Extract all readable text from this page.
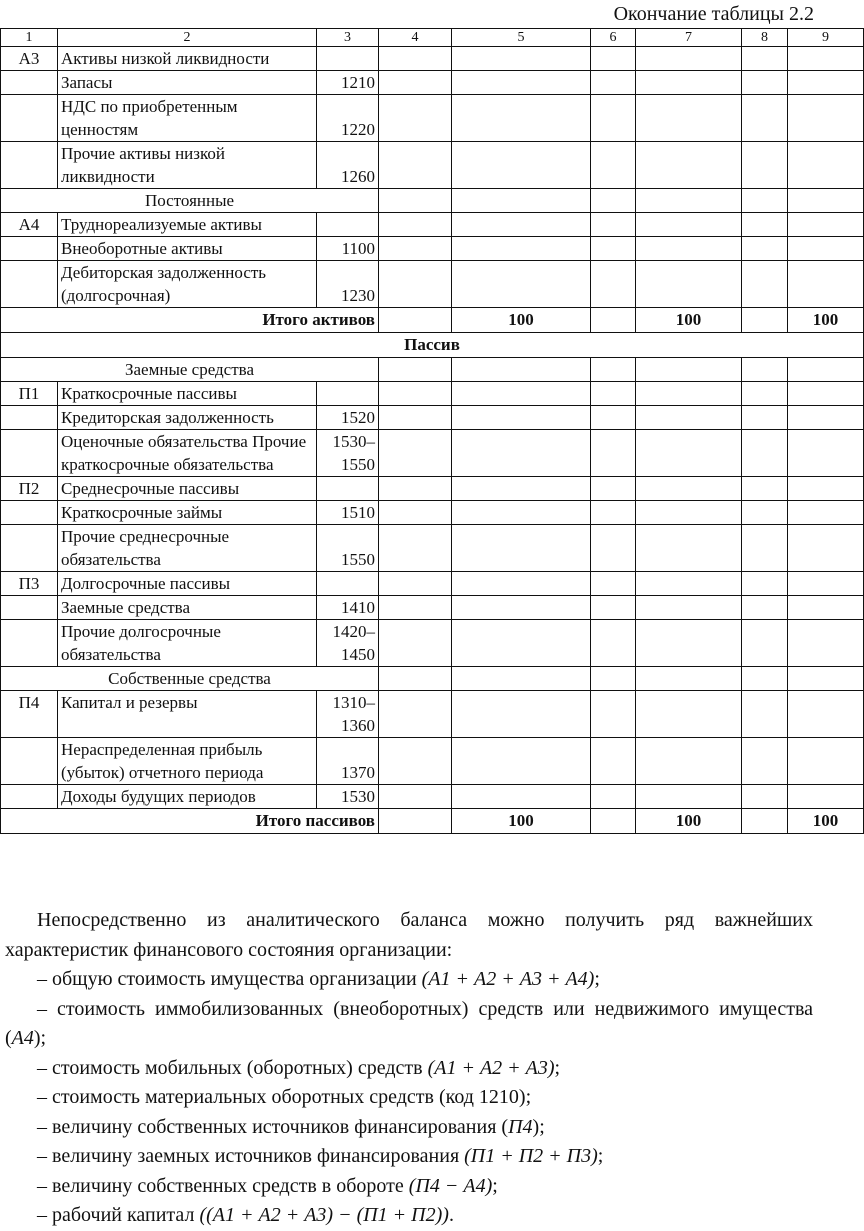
Окончание таблицы 2.2
1	2	3	4	5	6	7	8	9
А3	Активы низкой ликвидности							
	Запасы	1210						
	НДС по приобретенным ценностям	1220						
	Прочие активы низкой ликвидности	1260						
Постоянные								
А4	Труднореализуемые активы							
	Внеоборотные активы	1100						
	Дебиторская задолженность (долгосрочная)	1230						
Итого активов				100		100		100
Пассив								
Заемные средства								
П1	Краткосрочные пассивы							
	Кредиторская задолженность	1520						
	Оценочные обязательства Прочие краткосрочные обязательства	1530–1550						
П2	Среднесрочные пассивы							
	Краткосрочные займы	1510						
	Прочие среднесрочные обязательства	1550						
П3	Долгосрочные пассивы							
	Заемные средства	1410						
	Прочие долгосрочные обязательства	1420–1450						
Собственные средства								
П4	Капитал и резервы	1310–1360						
	Нераспределенная прибыль (убыток) отчетного периода	1370						
	Доходы будущих периодов	1530						
Итого пассивов				100		100		100

Непосредственно из аналитического баланса можно получить ряд важнейших характеристик финансового состояния организации:

– общую стоимость имущества организации (А1 + А2 + А3 + А4);

– стоимость иммобилизованных (внеоборотных) средств или недвижимого имущества (А4);

– стоимость мобильных (оборотных) средств (А1 + А2 + А3);

– стоимость материальных оборотных средств (код 1210);

– величину собственных источников финансирования (П4);

– величину заемных источников финансирования (П1 + П2 + П3);

– величину собственных средств в обороте (П4 − А4);

– рабочий капитал ((А1 + А2 + А3) − (П1 + П2)).
